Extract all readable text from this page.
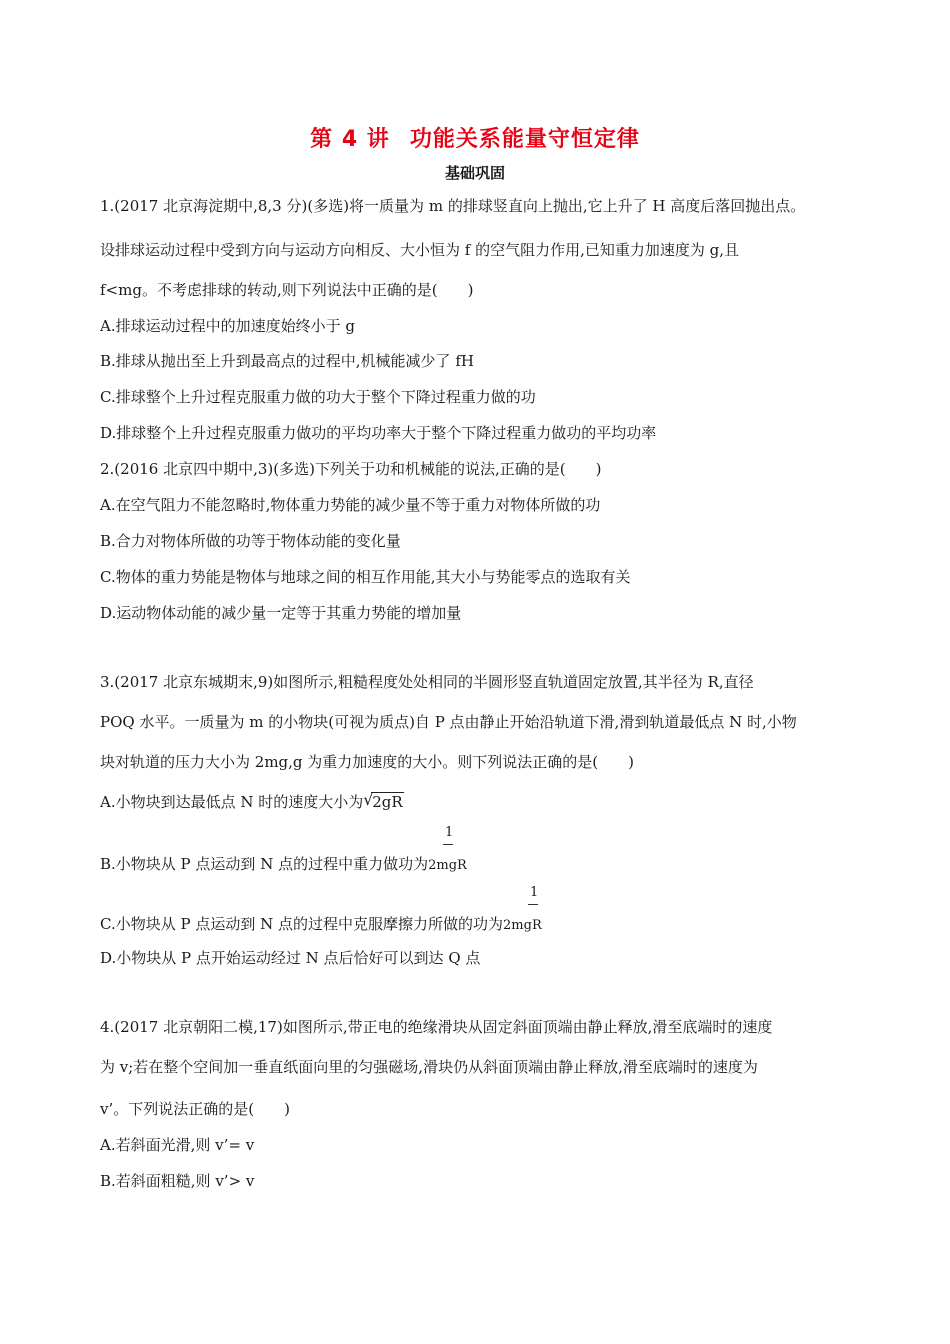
第 4 讲 功能关系能量守恒定律
基础巩固
1.(2017 北京海淀期中,8,3 分)(多选)将一质量为 m 的排球竖直向上抛出,它上升了 H 高度后落回抛出点。
设排球运动过程中受到方向与运动方向相反、大小恒为 f 的空气阻力作用,已知重力加速度为 g,且
f<mg。不考虑排球的转动,则下列说法中正确的是(　　)
A.排球运动过程中的加速度始终小于 g
B.排球从抛出至上升到最高点的过程中,机械能减少了 fH
C.排球整个上升过程克服重力做的功大于整个下降过程重力做的功
D.排球整个上升过程克服重力做功的平均功率大于整个下降过程重力做功的平均功率
2.(2016 北京四中期中,3)(多选)下列关于功和机械能的说法,正确的是(　　)
A.在空气阻力不能忽略时,物体重力势能的减少量不等于重力对物体所做的功
B.合力对物体所做的功等于物体动能的变化量
C.物体的重力势能是物体与地球之间的相互作用能,其大小与势能零点的选取有关
D.运动物体动能的减少量一定等于其重力势能的增加量
3.(2017 北京东城期末,9)如图所示,粗糙程度处处相同的半圆形竖直轨道固定放置,其半径为 R,直径
POQ 水平。一质量为 m 的小物块(可视为质点)自 P 点由静止开始沿轨道下滑,滑到轨道最低点 N 时,小物
块对轨道的压力大小为 2mg,g 为重力加速度的大小。则下列说法正确的是(　　)
A.小物块到达最低点 N 时的速度大小为 √
2gR
1
B.小物块从 P 点运动到 N 点的过程中重力做功为2mgR
1
C.小物块从 P 点运动到 N 点的过程中克服摩擦力所做的功为2mgR
D.小物块从 P 点开始运动经过 N 点后恰好可以到达 Q 点
4.(2017 北京朝阳二模,17)如图所示,带正电的绝缘滑块从固定斜面顶端由静止释放,滑至底端时的速度
为 v;若在整个空间加一垂直纸面向里的匀强磁场,滑块仍从斜面顶端由静止释放,滑至底端时的速度为
v’。下列说法正确的是(　　)
A.若斜面光滑,则 v’= v
B.若斜面粗糙,则 v’> v
